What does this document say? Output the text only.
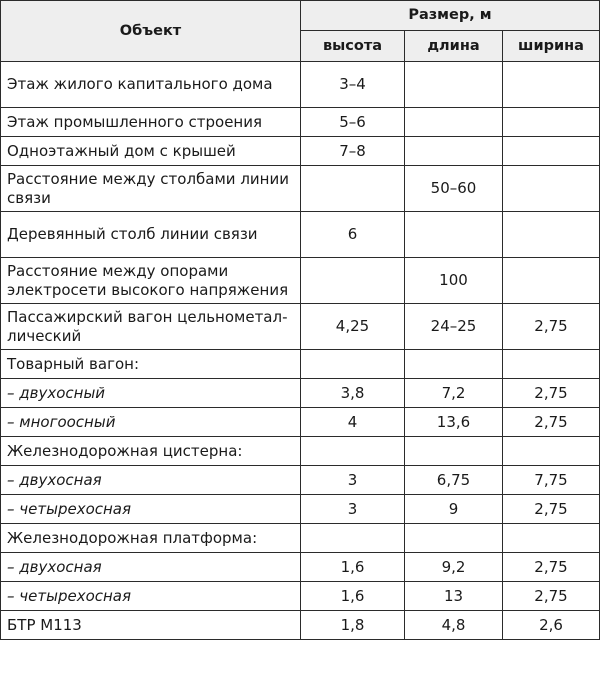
Объект	Размер, м		
	высота	длина	ширина
Этаж жилого капитального дома	3–4		
Этаж промышленного строения	5–6		
Одноэтажный дом с крышей	7–8		
Расстояние между столбами линии связи		50–60	
Деревянный столб линии связи	6		
Расстояние между опорами электросети высокого напряжения		100	
Пассажирский вагон цельнометал-лический	4,25	24–25	2,75
Товарный вагон:			
– двухосный	3,8	7,2	2,75
– многоосный	4	13,6	2,75
Железнодорожная цистерна:			
– двухосная	3	6,75	7,75
– четырехосная	3	9	2,75
Железнодорожная платформа:			
– двухосная	1,6	9,2	2,75
– четырехосная	1,6	13	2,75
БТР М113	1,8	4,8	2,6
